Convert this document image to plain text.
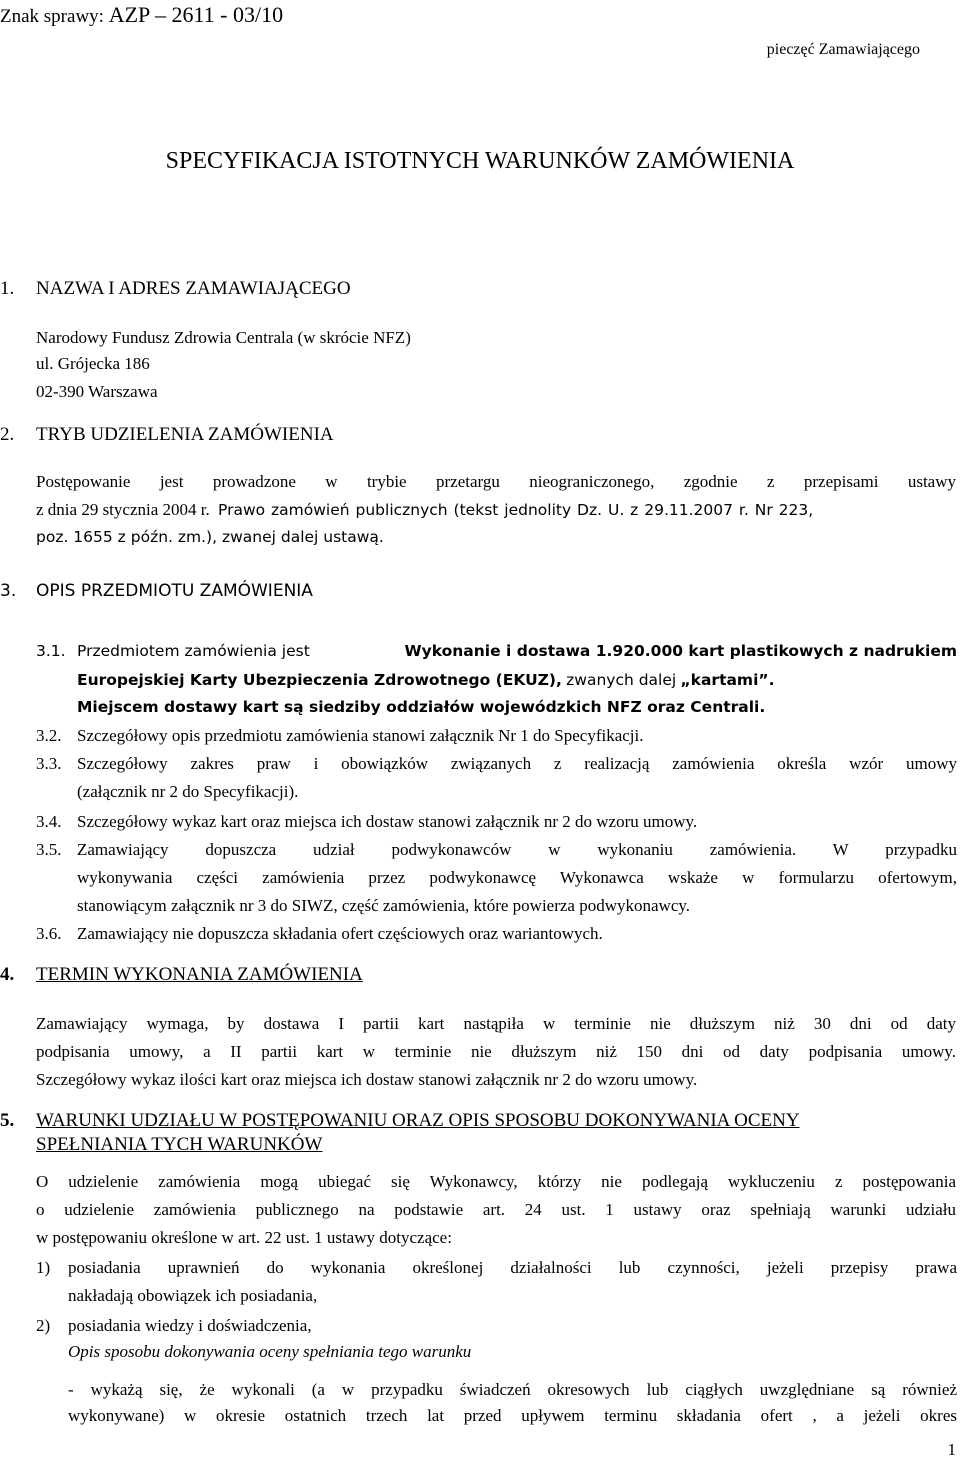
Znak sprawy: AZP – 2611 - 03/10
pieczęć Zamawiającego
SPECYFIKACJA ISTOTNYCH WARUNKÓW ZAMÓWIENIA
1. NAZWA I ADRES ZAMAWIAJĄCEGO
Narodowy Fundusz Zdrowia Centrala (w skrócie NFZ)
ul. Grójecka 186
02-390 Warszawa
2. TRYB UDZIELENIA ZAMÓWIENIA
Postępowanie jest prowadzone w trybie przetargu nieograniczonego, zgodnie z przepisami ustawy
z dnia 29 stycznia 2004 r. Prawo zamówień publicznych (tekst jednolity Dz. U. z 29.11.2007 r. Nr 223,
poz. 1655 z późn. zm.), zwanej dalej ustawą.
3. OPIS PRZEDMIOTU ZAMÓWIENIA
3.1. Przedmiotem zamówienia jest	Wykonanie i dostawa 1.920.000 kart plastikowych z nadrukiem
Europejskiej Karty Ubezpieczenia Zdrowotnego (EKUZ), zwanych dalej „kartami”.
Miejscem dostawy kart są siedziby oddziałów wojewódzkich NFZ oraz Centrali.
3.2. Szczegółowy opis przedmiotu zamówienia stanowi załącznik Nr 1 do Specyfikacji.
3.3. Szczegółowy zakres praw i obowiązków związanych z realizacją zamówienia określa wzór umowy
(załącznik nr 2 do Specyfikacji).
3.4. Szczegółowy wykaz kart oraz miejsca ich dostaw stanowi załącznik nr 2 do wzoru umowy.
3.5. Zamawiający dopuszcza udział podwykonawców w wykonaniu zamówienia. W przypadku
wykonywania części zamówienia przez podwykonawcę Wykonawca wskaże w formularzu ofertowym,
stanowiącym załącznik nr 3 do SIWZ, część zamówienia, które powierza podwykonawcy.
3.6. Zamawiający nie dopuszcza składania ofert częściowych oraz wariantowych.
4. TERMIN WYKONANIA ZAMÓWIENIA
Zamawiający wymaga, by dostawa I partii kart nastąpiła w terminie nie dłuższym niż 30 dni od daty
podpisania umowy, a II partii kart w terminie nie dłuższym niż 150 dni od daty podpisania umowy.
Szczegółowy wykaz ilości kart oraz miejsca ich dostaw stanowi załącznik nr 2 do wzoru umowy.
5. WARUNKI UDZIAŁU W POSTĘPOWANIU ORAZ OPIS SPOSOBU DOKONYWANIA OCENY
SPEŁNIANIA TYCH WARUNKÓW
O udzielenie zamówienia mogą ubiegać się Wykonawcy, którzy nie podlegają wykluczeniu z postępowania
o udzielenie zamówienia publicznego na podstawie art. 24 ust. 1 ustawy oraz spełniają warunki udziału
w postępowaniu określone w art. 22 ust. 1 ustawy dotyczące:
1) posiadania uprawnień do wykonania określonej działalności lub czynności, jeżeli przepisy prawa
nakładają obowiązek ich posiadania,
2) posiadania wiedzy i doświadczenia,
Opis sposobu dokonywania oceny spełniania tego warunku
- wykażą się, że wykonali (a w przypadku świadczeń okresowych lub ciągłych uwzględniane są również
wykonywane) w okresie ostatnich trzech lat przed upływem terminu składania ofert , a jeżeli okres
1
